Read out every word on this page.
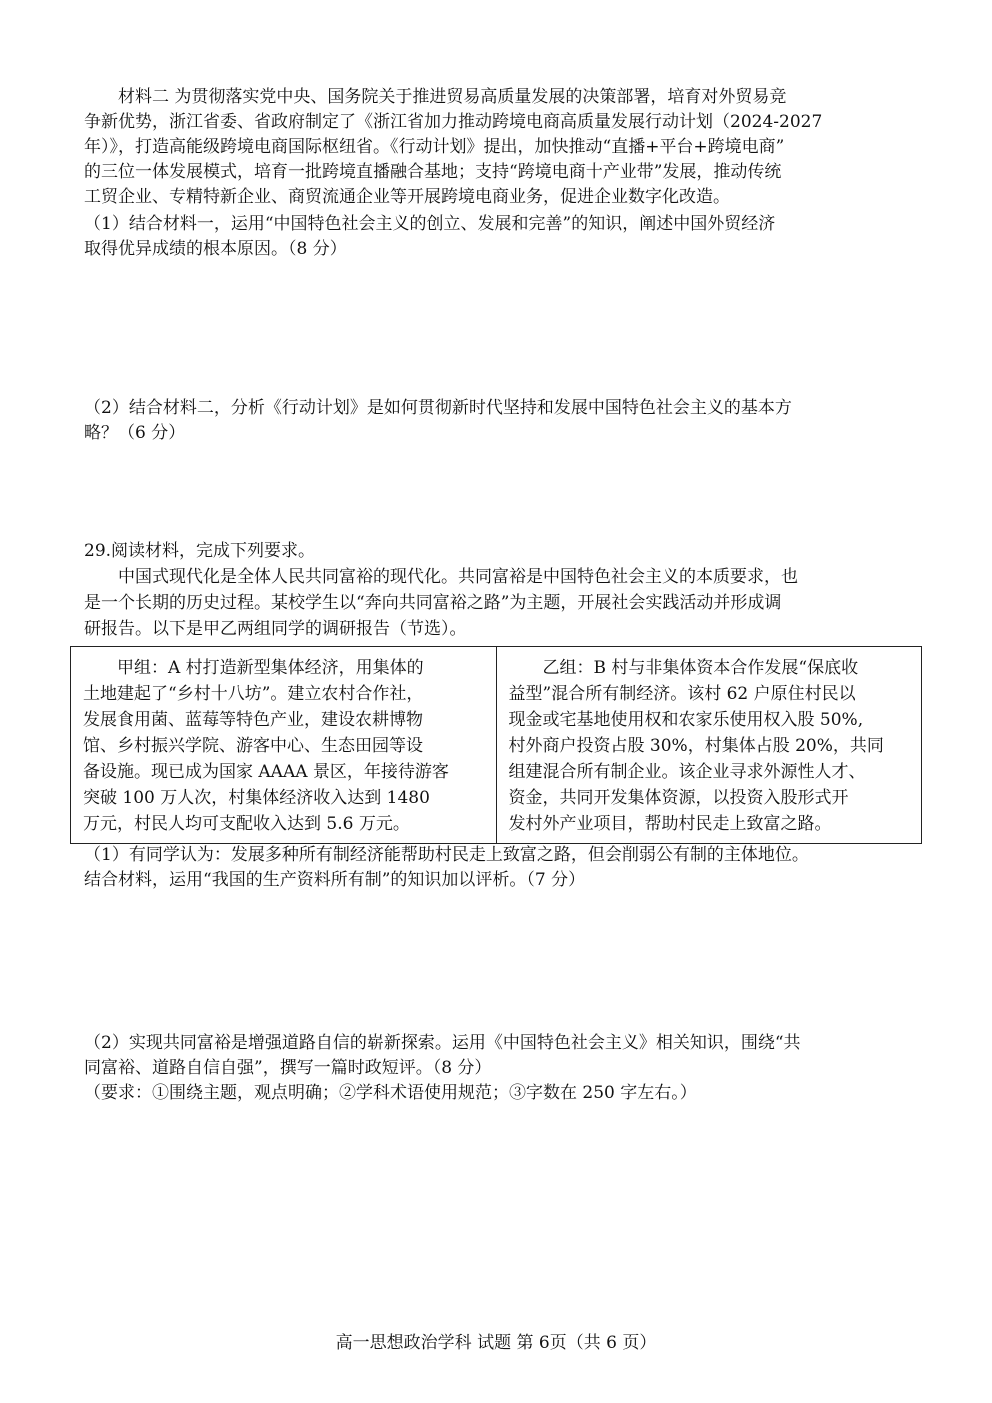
材料二 为贯彻落实党中央、国务院关于推进贸易高质量发展的决策部署，培育对外贸易竞
争新优势，浙江省委、省政府制定了《浙江省加力推动跨境电商高质量发展行动计划（2024-2027
年）》，打造高能级跨境电商国际枢纽省。《行动计划》提出，加快推动“直播+平台+跨境电商”
的三位一体发展模式，培育一批跨境直播融合基地；支持“跨境电商十产业带”发展，推动传统
工贸企业、专精特新企业、商贸流通企业等开展跨境电商业务，促进企业数字化改造。
（1）结合材料一，运用“中国特色社会主义的创立、发展和完善”的知识，阐述中国外贸经济
取得优异成绩的根本原因。（8 分）
（2）结合材料二，分析《行动计划》是如何贯彻新时代坚持和发展中国特色社会主义的基本方
略？（6 分）
29.阅读材料，完成下列要求。
中国式现代化是全体人民共同富裕的现代化。共同富裕是中国特色社会主义的本质要求，也
是一个长期的历史过程。某校学生以“奔向共同富裕之路”为主题，开展社会实践活动并形成调
研报告。以下是甲乙两组同学的调研报告（节选）。
甲组：A 村打造新型集体经济，用集体的
土地建起了“乡村十八坊”。建立农村合作社，
发展食用菌、蓝莓等特色产业，建设农耕博物
馆、乡村振兴学院、游客中心、生态田园等设
备设施。现已成为国家 AAAA 景区，年接待游客
突破 100 万人次，村集体经济收入达到 1480
万元，村民人均可支配收入达到 5.6 万元。

乙组：B 村与非集体资本合作发展“保底收
益型”混合所有制经济。该村 62 户原住村民以
现金或宅基地使用权和农家乐使用权入股 50%,
村外商户投资占股 30%，村集体占股 20%，共同
组建混合所有制企业。该企业寻求外源性人才、
资金，共同开发集体资源，以投资入股形式开
发村外产业项目，帮助村民走上致富之路。
（1）有同学认为：发展多种所有制经济能帮助村民走上致富之路，但会削弱公有制的主体地位。
结合材料，运用“我国的生产资料所有制”的知识加以评析。（7 分）
（2）实现共同富裕是增强道路自信的崭新探索。运用《中国特色社会主义》相关知识，围绕“共
同富裕、道路自信自强”，撰写一篇时政短评。（8 分）
（要求：①围绕主题，观点明确；②学科术语使用规范；③字数在 250 字左右。）
高一思想政治学科 试题 第 6页（共 6 页）
